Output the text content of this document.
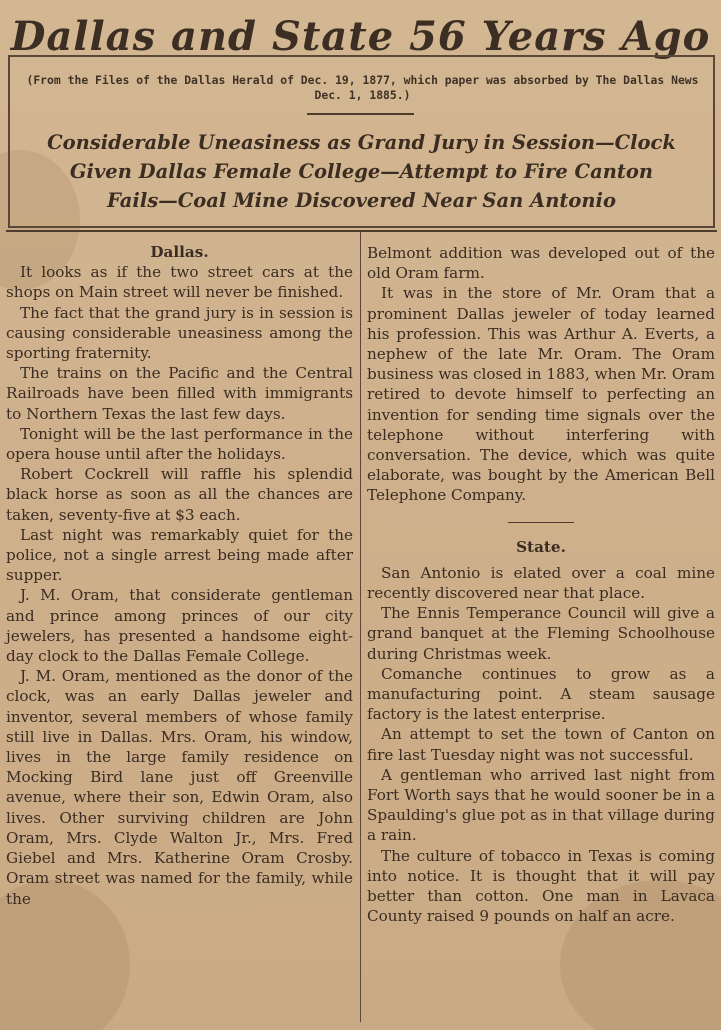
Dallas and State 56 Years Ago
(From the Files of the Dallas Herald of Dec. 19, 1877, which paper was absorbed by The Dallas News Dec. 1, 1885.)
Considerable Uneasiness as Grand Jury in Session—Clock
Given Dallas Female College—Attempt to Fire Canton
Fails—Coal Mine Discovered Near San Antonio

Dallas.

It looks as if the two street cars at the shops on Main street will never be finished.

The fact that the grand jury is in session is causing considerable uneasiness among the sporting fraternity.

The trains on the Pacific and the Central Railroads have been filled with immigrants to Northern Texas the last few days.

Tonight will be the last performance in the opera house until after the holidays.

Robert Cockrell will raffle his splendid black horse as soon as all the chances are taken, seventy-five at $3 each.

Last night was remarkably quiet for the police, not a single arrest being made after supper.

J. M. Oram, that considerate gentleman and prince among princes of our city jewelers, has presented a handsome eight-day clock to the Dallas Female College.

J. M. Oram, mentioned as the donor of the clock, was an early Dallas jeweler and inventor, several members of whose family still live in Dallas. Mrs. Oram, his window, lives in the large family residence on Mocking Bird lane just off Greenville avenue, where their son, Edwin Oram, also lives. Other surviving children are John Oram, Mrs. Clyde Walton Jr., Mrs. Fred Giebel and Mrs. Katherine Oram Crosby. Oram street was named for the family, while the

Belmont addition was developed out of the old Oram farm.

It was in the store of Mr. Oram that a prominent Dallas jeweler of today learned his profession. This was Arthur A. Everts, a nephew of the late Mr. Oram. The Oram business was closed in 1883, when Mr. Oram retired to devote himself to perfecting an invention for sending time signals over the telephone without interfering with conversation. The device, which was quite elaborate, was bought by the American Bell Telephone Company.

State.

San Antonio is elated over a coal mine recently discovered near that place.

The Ennis Temperance Council will give a grand banquet at the Fleming Schoolhouse during Christmas week.

Comanche continues to grow as a manufacturing point. A steam sausage factory is the latest enterprise.

An attempt to set the town of Canton on fire last Tuesday night was not successful.

A gentleman who arrived last night from Fort Worth says that he would sooner be in a Spaulding's glue pot as in that village during a rain.

The culture of tobacco in Texas is coming into notice. It is thought that it will pay better than cotton. One man in Lavaca County raised 9 pounds on half an acre.
